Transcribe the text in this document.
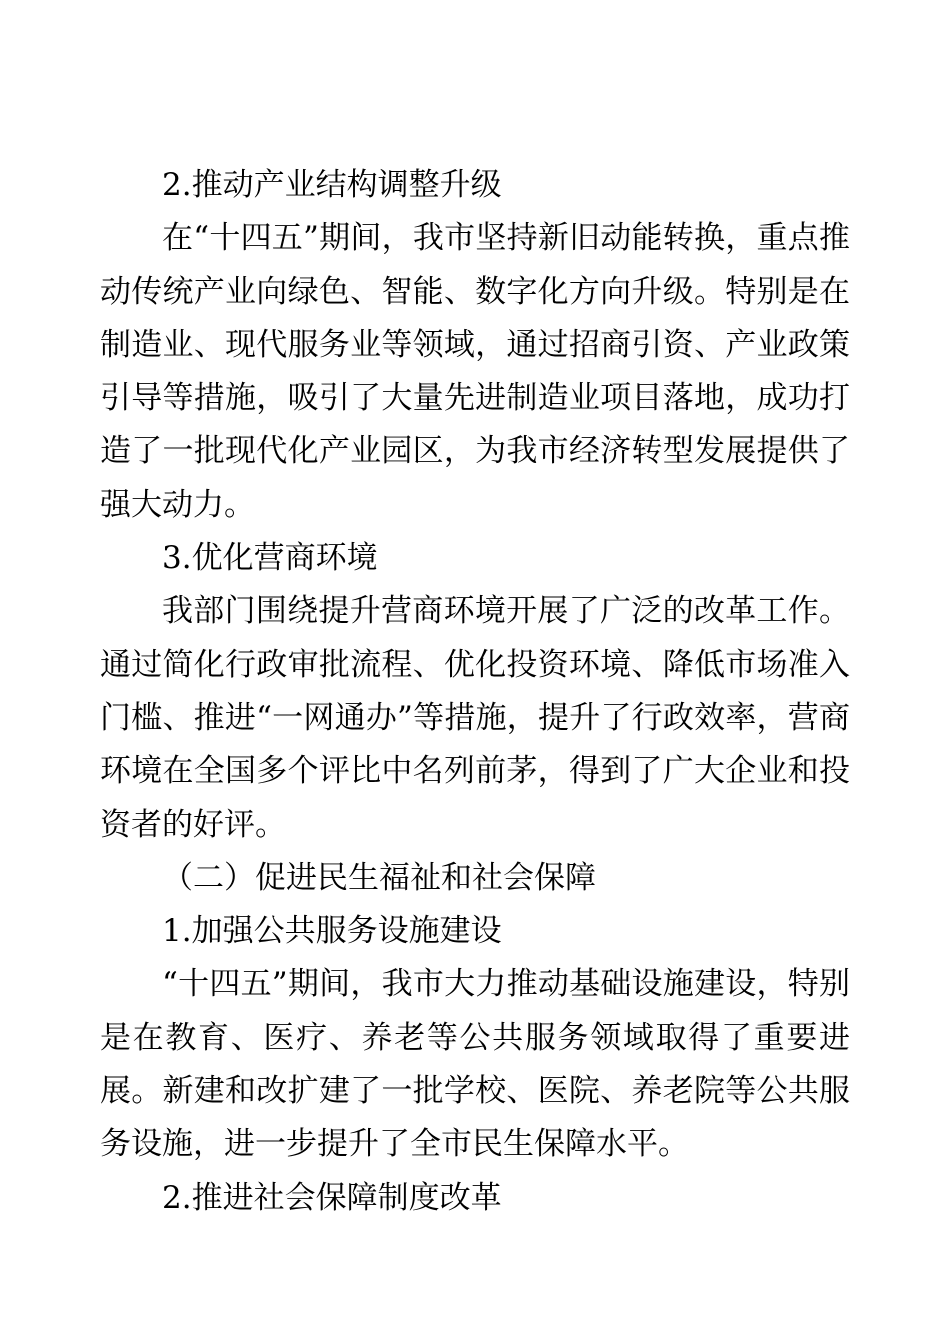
2.推动产业结构调整升级

在“十四五”期间，我市坚持新旧动能转换，重点推动传统产业向绿色、智能、数字化方向升级。特别是在制造业、现代服务业等领域，通过招商引资、产业政策引导等措施，吸引了大量先进制造业项目落地，成功打造了一批现代化产业园区，为我市经济转型发展提供了强大动力。

3.优化营商环境

我部门围绕提升营商环境开展了广泛的改革工作。通过简化行政审批流程、优化投资环境、降低市场准入门槛、推进“一网通办”等措施，提升了行政效率，营商环境在全国多个评比中名列前茅，得到了广大企业和投资者的好评。

（二）促进民生福祉和社会保障

1.加强公共服务设施建设

“十四五”期间，我市大力推动基础设施建设，特别是在教育、医疗、养老等公共服务领域取得了重要进展。新建和改扩建了一批学校、医院、养老院等公共服务设施，进一步提升了全市民生保障水平。

2.推进社会保障制度改革
